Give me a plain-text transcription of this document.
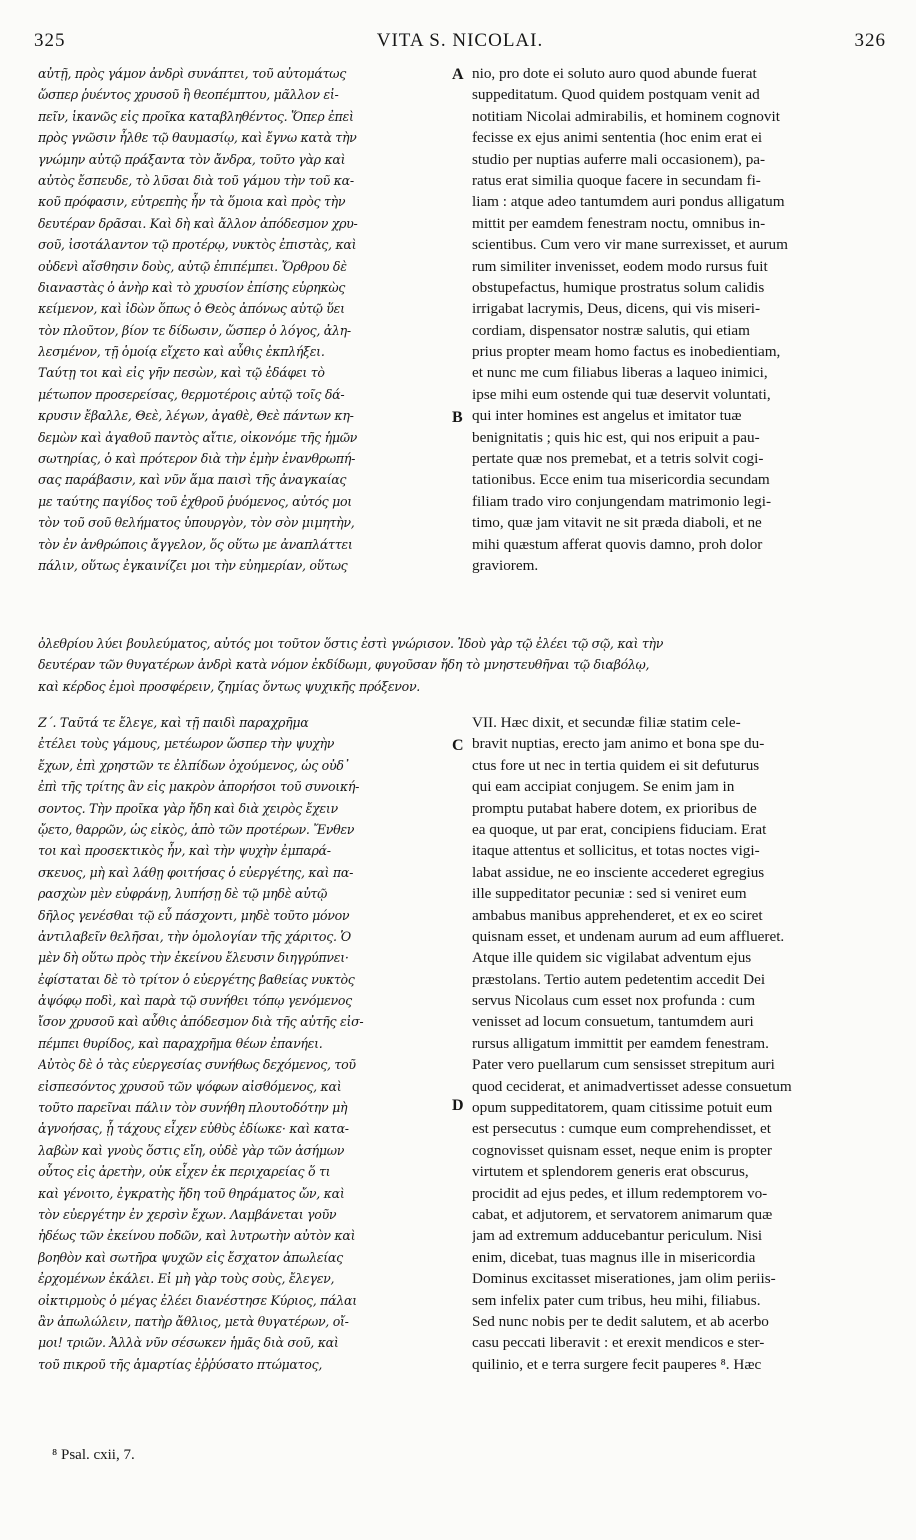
325	VITA S. NICOLAI.	326
αὐτῇ, πρὸς γάμον ἀνδρὶ συνάπτει, τοῦ αὐτομάτως
ὥσπερ ῥυέντος χρυσοῦ ἢ θεοπέμπτου, μᾶλλον εἰ-
πεῖν, ἱκανῶς εἰς προῖκα καταβληθέντος. Ὅπερ ἐπεὶ
πρὸς γνῶσιν ἦλθε τῷ θαυμασίῳ, καὶ ἔγνω κατὰ τὴν
γνώμην αὐτῷ πράξαντα τὸν ἄνδρα, τοῦτο γὰρ καὶ
αὐτὸς ἔσπευδε, τὸ λῦσαι διὰ τοῦ γάμου τὴν τοῦ κα-
κοῦ πρόφασιν, εὐτρεπὴς ἦν τὰ ὅμοια καὶ πρὸς τὴν
δευτέραν δρᾶσαι. Καὶ δὴ καὶ ἄλλον ἀπόδεσμον χρυ-
σοῦ, ἰσοτάλαντον τῷ προτέρῳ, νυκτὸς ἐπιστὰς, καὶ
οὐδενὶ αἴσθησιν δοὺς, αὐτῷ ἐπιπέμπει. Ὄρθρου δὲ
διαναστὰς ὁ ἀνὴρ καὶ τὸ χρυσίον ἐπίσης εὑρηκὼς
κείμενον, καὶ ἰδὼν ὅπως ὁ Θεὸς ἀπόνως αὐτῷ ὕει
τὸν πλοῦτον, βίον τε δίδωσιν, ὥσπερ ὁ λόγος, ἀλη-
λεσμένον, τῇ ὁμοίᾳ εἴχετο καὶ αὖθις ἐκπλήξει.
Ταύτῃ τοι καὶ εἰς γῆν πεσὼν, καὶ τῷ ἐδάφει τὸ
μέτωπον προσερείσας, θερμοτέροις αὐτῷ τοῖς δά-
κρυσιν ἔβαλλε, Θεὲ, λέγων, ἀγαθὲ, Θεὲ πάντων κη-
δεμὼν καὶ ἀγαθοῦ παντὸς αἴτιε, οἰκονόμε τῆς ἡμῶν
σωτηρίας, ὁ καὶ πρότερον διὰ τὴν ἐμὴν ἐνανθρωπή-
σας παράβασιν, καὶ νῦν ἅμα παισὶ τῆς ἀναγκαίας
με ταύτης παγίδος τοῦ ἐχθροῦ ῥυόμενος, αὐτός μοι
τὸν τοῦ σοῦ θελήματος ὑπουργὸν, τὸν σὸν μιμητὴν,
τὸν ἐν ἀνθρώποις ἄγγελον, ὅς οὕτω με ἀναπλάττει
πάλιν, οὕτως ἐγκαινίζει μοι τὴν εὐημερίαν, οὕτως
nio, pro dote ei soluto auro quod abunde fuerat
suppeditatum. Quod quidem postquam venit ad
notitiam Nicolai admirabilis, et hominem cognovit
fecisse ex ejus animi sententia (hoc enim erat ei
studio per nuptias auferre mali occasionem), pa-
ratus erat similia quoque facere in secundam fi-
liam : atque adeo tantumdem auri pondus alligatum
mittit per eamdem fenestram noctu, omnibus in-
scientibus. Cum vero vir mane surrexisset, et aurum
rum similiter invenisset, eodem modo rursus fuit
obstupefactus, humique prostratus solum calidis
irrigabat lacrymis, Deus, dicens, qui vis miseri-
cordiam, dispensator nostræ salutis, qui etiam
prius propter meam homo factus es inobedientiam,
et nunc me cum filiabus liberas a laqueo inimici,
ipse mihi eum ostende qui tuæ deservit voluntati,
qui inter homines est angelus et imitator tuæ
benignitatis ; quis hic est, qui nos eripuit a pau-
pertate quæ nos premebat, et a tetris solvit cogi-
tationibus. Ecce enim tua misericordia secundam
filiam trado viro conjungendam matrimonio legi-
timo, quæ jam vitavit ne sit præda diaboli, et ne
mihi quæstum afferat quovis damno, proh dolor
graviorem.
ὀλεθρίου λύει βουλεύματος, αὐτός μοι τοῦτον ὅστις ἐστὶ γνώρισον. Ἰδοὺ γὰρ τῷ ἐλέει τῷ σῷ, καὶ τὴν
δευτέραν τῶν θυγατέρων ἀνδρὶ κατὰ νόμον ἐκδίδωμι, φυγοῦσαν ἤδη τὸ μνηστευθῆναι τῷ διαβόλῳ,
καὶ κέρδος ἐμοὶ προσφέρειν, ζημίας ὄντως ψυχικῆς πρόξενον.
Ζ΄. Ταῦτά τε ἔλεγε, καὶ τῇ παιδὶ παραχρῆμα
ἐτέλει τοὺς γάμους, μετέωρον ὥσπερ τὴν ψυχὴν
ἔχων, ἐπὶ χρηστῶν τε ἐλπίδων ὀχούμενος, ὡς οὐδ᾽
ἐπὶ τῆς τρίτης ἂν εἰς μακρὸν ἀπορήσοι τοῦ συνοική-
σοντος. Τὴν προῖκα γὰρ ἤδη καὶ διὰ χειρὸς ἔχειν
ᾤετο, θαρρῶν, ὡς εἰκὸς, ἀπὸ τῶν προτέρων. Ἔνθεν
τοι καὶ προσεκτικὸς ἦν, καὶ τὴν ψυχὴν ἐμπαρά-
σκευος, μὴ καὶ λάθῃ φοιτήσας ὁ εὐεργέτης, καὶ πα-
ρασχὼν μὲν εὐφράνῃ, λυπήσῃ δὲ τῷ μηδὲ αὐτῷ
δῆλος γενέσθαι τῷ εὖ πάσχοντι, μηδὲ τοῦτο μόνον
ἀντιλαβεῖν θελῆσαι, τὴν ὁμολογίαν τῆς χάριτος. Ὁ
μὲν δὴ οὕτω πρὸς τὴν ἐκείνου ἔλευσιν διηγρύπνει·
ἐφίσταται δὲ τὸ τρίτον ὁ εὐεργέτης βαθείας νυκτὸς
ἀψόφῳ ποδὶ, καὶ παρὰ τῷ συνήθει τόπῳ γενόμενος
ἴσον χρυσοῦ καὶ αὖθις ἀπόδεσμον διὰ τῆς αὐτῆς εἰσ-
πέμπει θυρίδος, καὶ παραχρῆμα θέων ἐπανήει.
Αὐτὸς δὲ ὁ τὰς εὐεργεσίας συνήθως δεχόμενος, τοῦ
εἰσπεσόντος χρυσοῦ τῶν ψόφων αἰσθόμενος, καὶ
τοῦτο παρεῖναι πάλιν τὸν συνήθη πλουτοδότην μὴ
ἀγνοήσας, ᾗ τάχους εἶχεν εὐθὺς ἐδίωκε· καὶ κατα-
λαβὼν καὶ γνοὺς ὅστις εἴη, οὐδὲ γὰρ τῶν ἀσήμων
οὗτος εἰς ἀρετὴν, οὐκ εἶχεν ἐκ περιχαρείας ὅ τι
καὶ γένοιτο, ἐγκρατὴς ἤδη τοῦ θηράματος ὤν, καὶ
τὸν εὐεργέτην ἐν χερσὶν ἔχων. Λαμβάνεται γοῦν
ἡδέως τῶν ἐκείνου ποδῶν, καὶ λυτρωτὴν αὐτὸν καὶ
βοηθὸν καὶ σωτῆρα ψυχῶν εἰς ἔσχατον ἀπωλείας
ἐρχομένων ἐκάλει. Εἰ μὴ γὰρ τοὺς σοὺς, ἔλεγεν,
οἰκτιρμοὺς ὁ μέγας ἐλέει διανέστησε Κύριος, πάλαι
ἂν ἀπωλώλειν, πατὴρ ἄθλιος, μετὰ θυγατέρων, οἴ-
μοι! τριῶν. Ἀλλὰ νῦν σέσωκεν ἡμᾶς διὰ σοῦ, καὶ
τοῦ πικροῦ τῆς ἁμαρτίας ἐῤῥύσατο πτώματος,
VII. Hæc dixit, et secundæ filiæ statim cele-
bravit nuptias, erecto jam animo et bona spe du-
ctus fore ut nec in tertia quidem ei sit defuturus
qui eam accipiat conjugem. Se enim jam in
promptu putabat habere dotem, ex prioribus de
ea quoque, ut par erat, concipiens fiduciam. Erat
itaque attentus et sollicitus, et totas noctes vigi-
labat assidue, ne eo insciente accederet egregius
ille suppeditator pecuniæ : sed si veniret eum
ambabus manibus apprehenderet, et ex eo sciret
quisnam esset, et undenam aurum ad eum afflueret.
Atque ille quidem sic vigilabat adventum ejus
præstolans. Tertio autem pedetentim accedit Dei
servus Nicolaus cum esset nox profunda : cum
venisset ad locum consuetum, tantumdem auri
rursus alligatum immittit per eamdem fenestram.
Pater vero puellarum cum sensisset strepitum auri
quod ceciderat, et animadvertisset adesse consuetum
opum suppeditatorem, quam citissime potuit eum
est persecutus : cumque eum comprehendisset, et
cognovisset quisnam esset, neque enim is propter
virtutem et splendorem generis erat obscurus,
procidit ad ejus pedes, et illum redemptorem vo-
cabat, et adjutorem, et servatorem animarum quæ
jam ad extremum adducebantur periculum. Nisi
enim, dicebat, tuas magnus ille in misericordia
Dominus excitasset miserationes, jam olim periis-
sem infelix pater cum tribus, heu mihi, filiabus.
Sed nunc nobis per te dedit salutem, et ab acerbo
casu peccati liberavit : et erexit mendicos e ster-
quilinio, et e terra surgere fecit pauperes ⁸. Hæc
A
B
C
D
⁸ Psal. cxii, 7.
